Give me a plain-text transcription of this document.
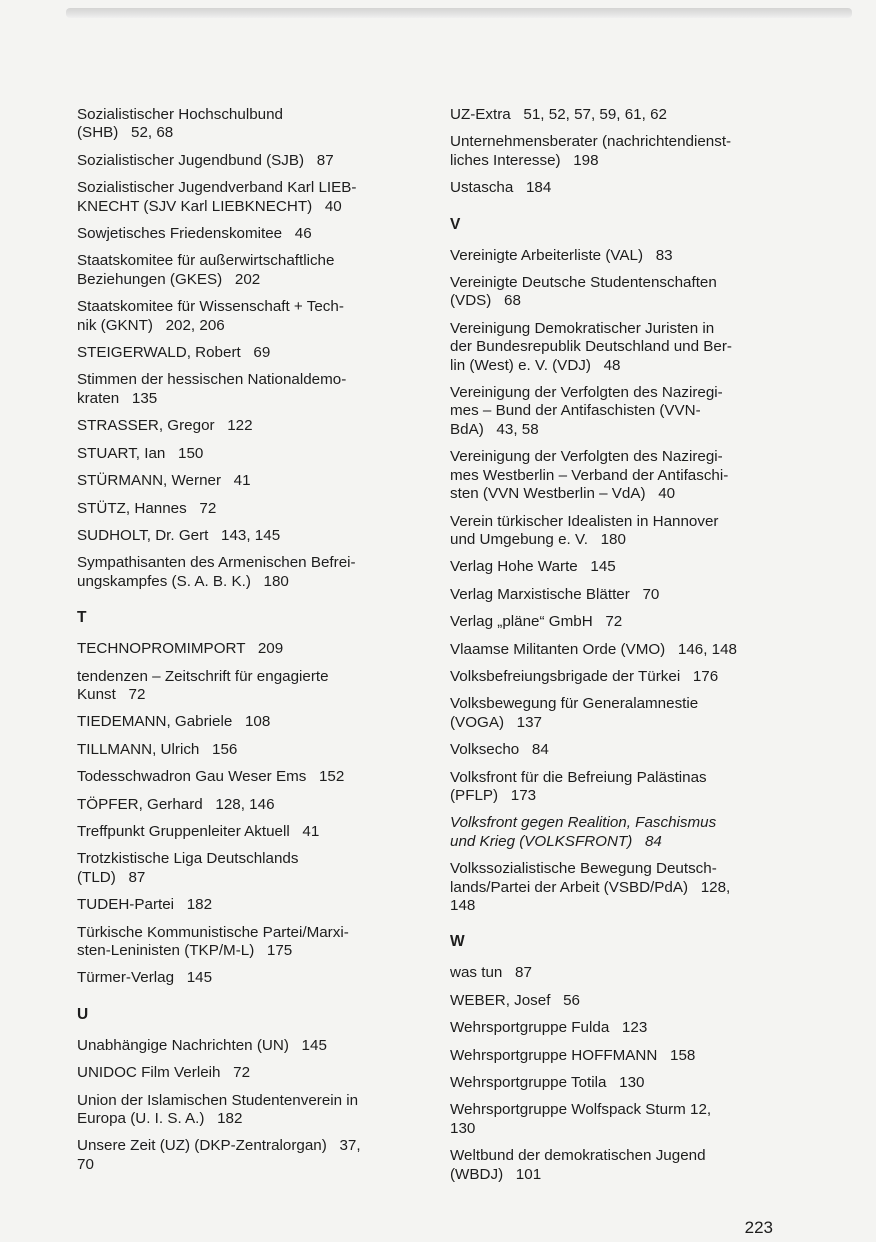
Sozialistischer Hochschulbund
(SHB)   52, 68
Sozialistischer Jugendbund (SJB)   87
Sozialistischer Jugendverband Karl LIEB-
KNECHT (SJV Karl LIEBKNECHT)   40
Sowjetisches Friedenskomitee   46
Staatskomitee für außerwirtschaftliche
Beziehungen (GKES)   202
Staatskomitee für Wissenschaft + Tech-
nik (GKNT)   202, 206
STEIGERWALD, Robert   69
Stimmen der hessischen Nationaldemo-
kraten   135
STRASSER, Gregor   122
STUART, Ian   150
STÜRMANN, Werner   41
STÜTZ, Hannes   72
SUDHOLT, Dr. Gert   143, 145
Sympathisanten des Armenischen Befrei-
ungskampfes (S. A. B. K.)   180
T
TECHNOPROMIMPORT   209
tendenzen – Zeitschrift für engagierte
Kunst   72
TIEDEMANN, Gabriele   108
TILLMANN, Ulrich   156
Todesschwadron Gau Weser Ems   152
TÖPFER, Gerhard   128, 146
Treffpunkt Gruppenleiter Aktuell   41
Trotzkistische Liga Deutschlands
(TLD)   87
TUDEH-Partei   182
Türkische Kommunistische Partei/Marxi-
sten-Leninisten (TKP/M-L)   175
Türmer-Verlag   145
U
Unabhängige Nachrichten (UN)   145
UNIDOC Film Verleih   72
Union der Islamischen Studentenverein in
Europa (U. I. S. A.)   182
Unsere Zeit (UZ) (DKP-Zentralorgan)   37,
70
UZ-Extra   51, 52, 57, 59, 61, 62
Unternehmensberater (nachrichtendienst-
liches Interesse)   198
Ustascha   184
V
Vereinigte Arbeiterliste (VAL)   83
Vereinigte Deutsche Studentenschaften
(VDS)   68
Vereinigung Demokratischer Juristen in
der Bundesrepublik Deutschland und Ber-
lin (West) e. V. (VDJ)   48
Vereinigung der Verfolgten des Naziregi-
mes – Bund der Antifaschisten (VVN-
BdA)   43, 58
Vereinigung der Verfolgten des Naziregi-
mes Westberlin – Verband der Antifaschi-
sten (VVN Westberlin – VdA)   40
Verein türkischer Idealisten in Hannover
und Umgebung e. V.   180
Verlag Hohe Warte   145
Verlag Marxistische Blätter   70
Verlag „pläne“ GmbH   72
Vlaamse Militanten Orde (VMO)   146, 148
Volksbefreiungsbrigade der Türkei   176
Volksbewegung für Generalamnestie
(VOGA)   137
Volksecho   84
Volksfront für die Befreiung Palästinas
(PFLP)   173
Volksfront gegen Realition, Faschismus
und Krieg (VOLKSFRONT)   84
Volkssozialistische Bewegung Deutsch-
lands/Partei der Arbeit (VSBD/PdA)   128,
148
W
was tun   87
WEBER, Josef   56
Wehrsportgruppe Fulda   123
Wehrsportgruppe HOFFMANN   158
Wehrsportgruppe Totila   130
Wehrsportgruppe Wolfspack Sturm 12,
130
Weltbund der demokratischen Jugend
(WBDJ)   101
223
